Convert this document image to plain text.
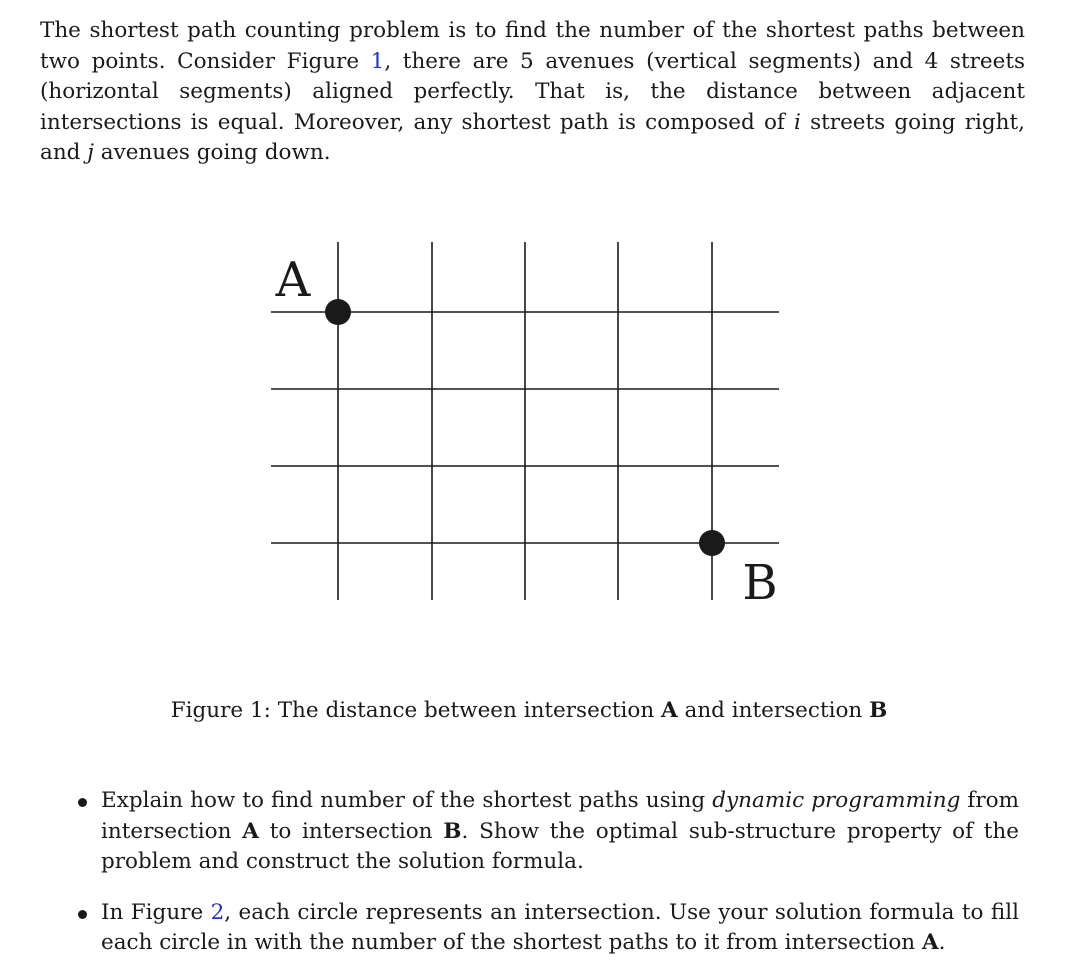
The shortest path counting problem is to find the number of the shortest paths between two points. Consider Figure 1, there are 5 avenues (vertical segments) and 4 streets (horizontal segments) aligned perfectly. That is, the distance between adjacent intersections is equal. Moreover, any shortest path is composed of i streets going right, and j avenues going down.

A
B

Figure 1: The distance between intersection A and intersection B

Explain how to find number of the shortest paths using dynamic programming from intersection A to intersection B. Show the optimal sub-structure property of the problem and construct the solution formula.
In Figure 2, each circle represents an intersection. Use your solution formula to fill each circle in with the number of the shortest paths to it from intersection A.
